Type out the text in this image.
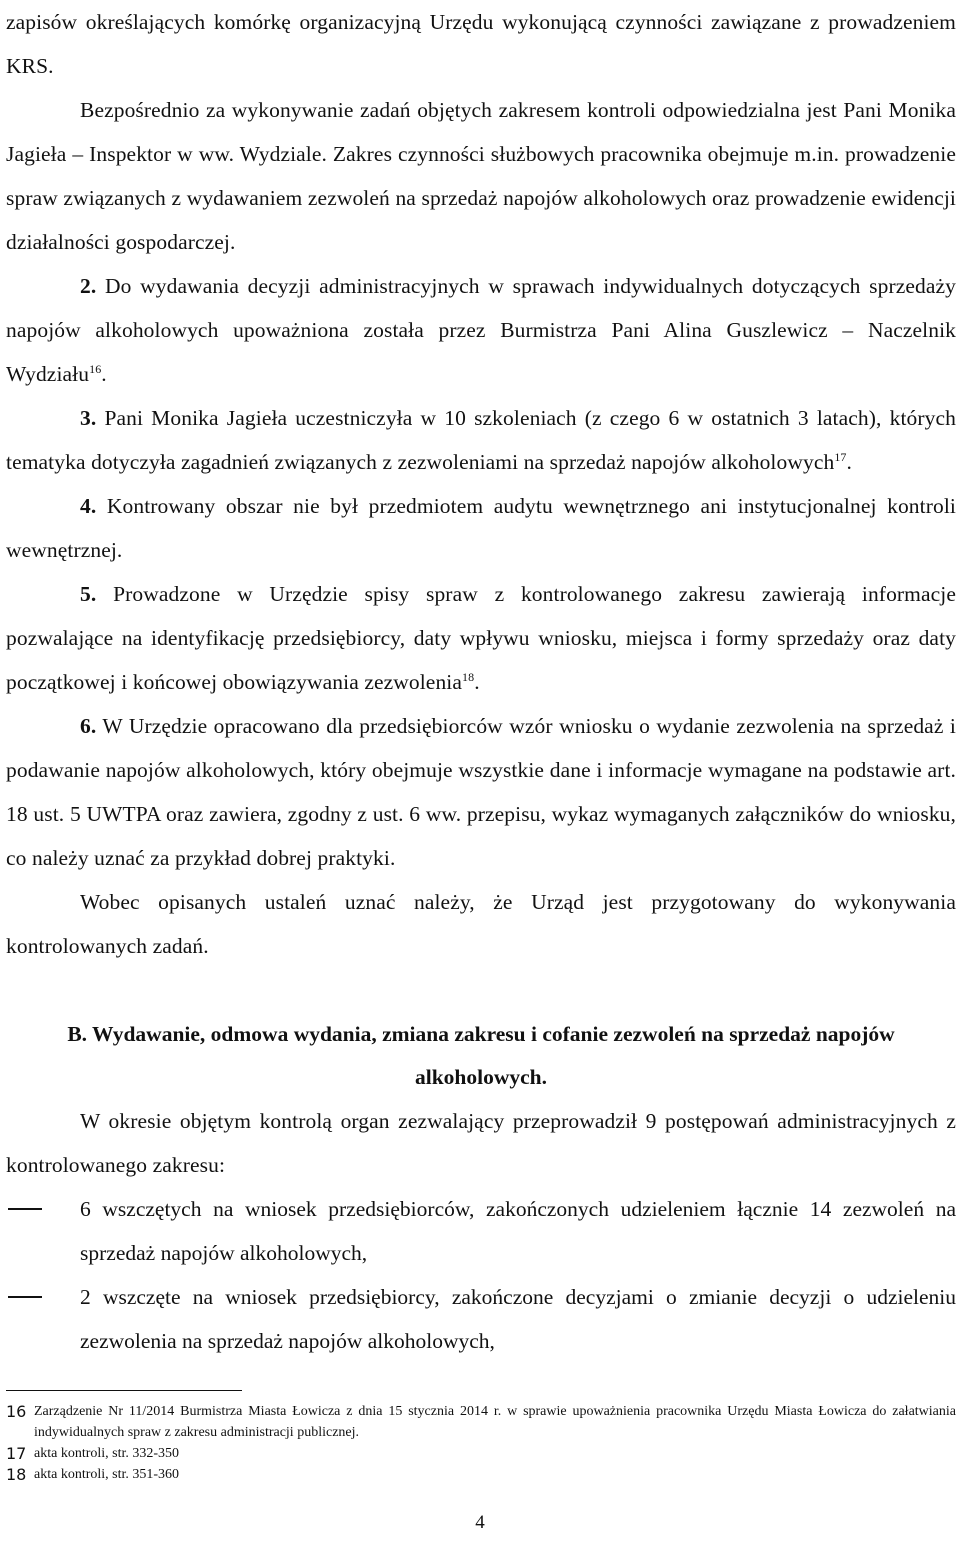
zapisów określających komórkę organizacyjną Urzędu wykonującą czynności zawiązane z prowadzeniem KRS.

Bezpośrednio za wykonywanie zadań objętych zakresem kontroli odpowiedzialna jest Pani Monika Jagieła – Inspektor w ww. Wydziale. Zakres czynności służbowych pracownika obejmuje m.in. prowadzenie spraw związanych z wydawaniem zezwoleń na sprzedaż napojów alkoholowych oraz prowadzenie ewidencji działalności gospodarczej.

2. Do wydawania decyzji administracyjnych w sprawach indywidualnych dotyczących sprzedaży napojów alkoholowych upoważniona została przez Burmistrza Pani Alina Guszlewicz – Naczelnik Wydziału$^{16}$.

3. Pani Monika Jagieła uczestniczyła w 10 szkoleniach (z czego 6 w ostatnich 3 latach), których tematyka dotyczyła zagadnień związanych z zezwoleniami na sprzedaż napojów alkoholowych$^{17}$.

4. Kontrowany obszar nie był przedmiotem audytu wewnętrznego ani instytucjonalnej kontroli wewnętrznej.

5. Prowadzone w Urzędzie spisy spraw z kontrolowanego zakresu zawierają informacje pozwalające na identyfikację przedsiębiorcy, daty wpływu wniosku, miejsca i formy sprzedaży oraz daty początkowej i końcowej obowiązywania zezwolenia$^{18}$.

6. W Urzędzie opracowano dla przedsiębiorców wzór wniosku o wydanie zezwolenia na sprzedaż i podawanie napojów alkoholowych, który obejmuje wszystkie dane i informacje wymagane na podstawie art. 18 ust. 5 UWTPA oraz zawiera, zgodny z ust. 6 ww. przepisu, wykaz wymaganych załączników do wniosku, co należy uznać za przykład dobrej praktyki.

Wobec opisanych ustaleń uznać należy, że Urząd jest przygotowany do wykonywania kontrolowanych zadań.

B. Wydawanie, odmowa wydania, zmiana zakresu i cofanie zezwoleń na sprzedaż napojów alkoholowych.

W okresie objętym kontrolą organ zezwalający przeprowadził 9 postępowań administracyjnych z kontrolowanego zakresu:

6 wszczętych na wniosek przedsiębiorców, zakończonych udzieleniem łącznie 14 zezwoleń na sprzedaż napojów alkoholowych,
2 wszczęte na wniosek przedsiębiorcy, zakończone decyzjami o zmianie decyzji o udzieleniu zezwolenia na sprzedaż napojów alkoholowych,
16 Zarządzenie Nr 11/2014 Burmistrza Miasta Łowicza z dnia 15 stycznia 2014 r. w sprawie upoważnienia pracownika Urzędu Miasta Łowicza do załatwiania indywidualnych spraw z zakresu administracji publicznej.
17 akta kontroli, str. 332-350
18 akta kontroli, str. 351-360
4
